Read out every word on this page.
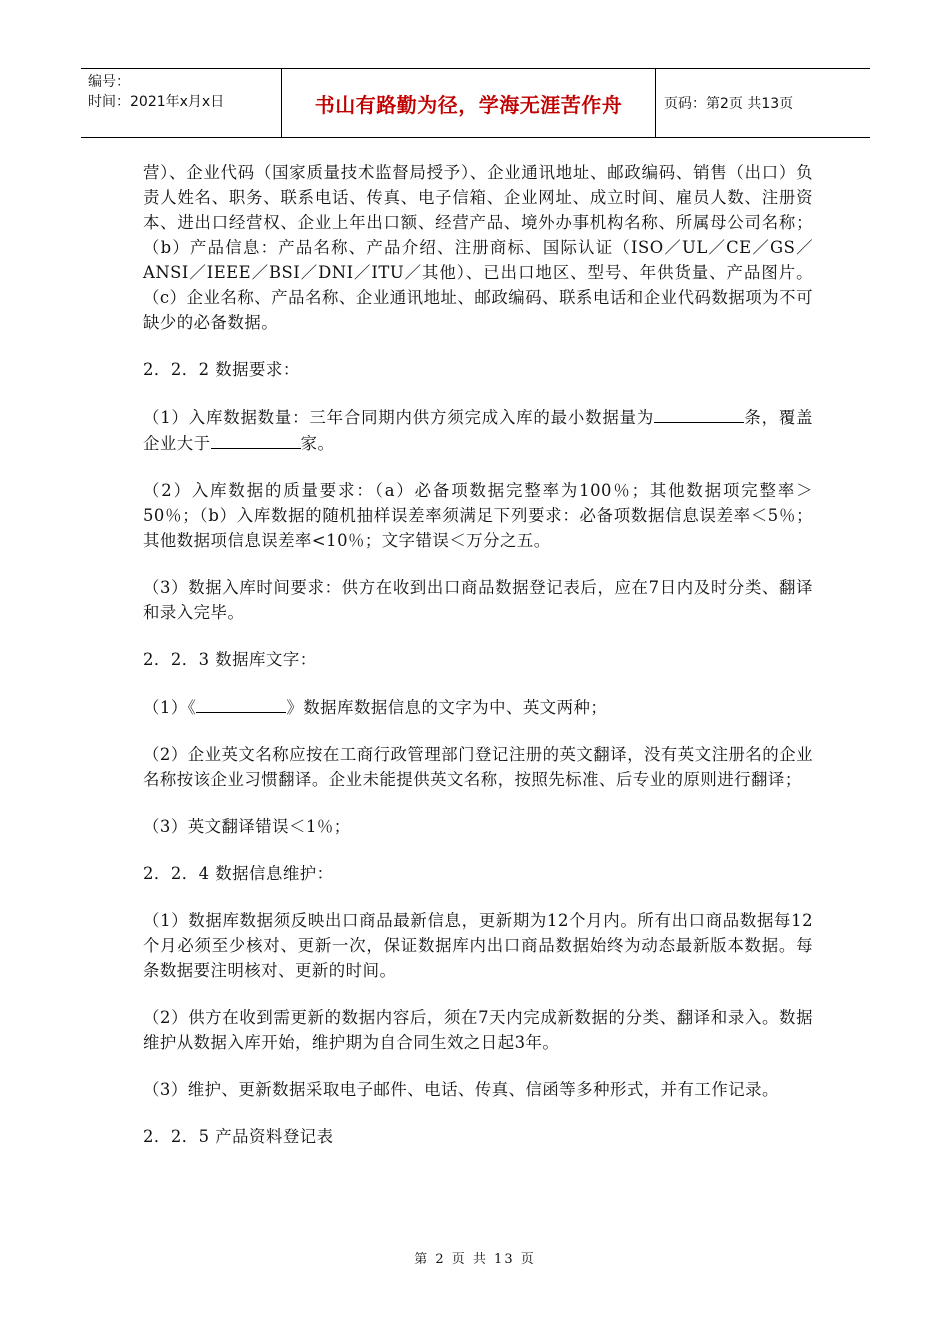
编号：
时间：2021年x月x日	书山有路勤为径，学海无涯苦作舟	页码：第2页 共13页

营）、企业代码（国家质量技术监督局授予）、企业通讯地址、邮政编码、销售（出口）负责人姓名、职务、联系电话、传真、电子信箱、企业网址、成立时间、雇员人数、注册资本、进出口经营权、企业上年出口额、经营产品、境外办事机构名称、所属母公司名称；（b）产品信息：产品名称、产品介绍、注册商标、国际认证（ISO／UL／CE／GS／ANSI／IEEE／BSI／DNI／ITU／其他）、已出口地区、型号、年供货量、产品图片。（c）企业名称、产品名称、企业通讯地址、邮政编码、联系电话和企业代码数据项为不可缺少的必备数据。

2．2．2 数据要求：

（1）入库数据数量：三年合同期内供方须完成入库的最小数据量为	条，覆盖企业大于	家。

（2）入库数据的质量要求：（a）必备项数据完整率为100％；其他数据项完整率＞50％；（b）入库数据的随机抽样误差率须满足下列要求：必备项数据信息误差率＜5％；其他数据项信息误差率<10％；文字错误＜万分之五。

（3）数据入库时间要求：供方在收到出口商品数据登记表后，应在7日内及时分类、翻译和录入完毕。

2．2．3 数据库文字：

（1）《	》数据库数据信息的文字为中、英文两种；

（2）企业英文名称应按在工商行政管理部门登记注册的英文翻译，没有英文注册名的企业名称按该企业习惯翻译。企业未能提供英文名称，按照先标准、后专业的原则进行翻译；

（3）英文翻译错误＜1％；

2．2．4 数据信息维护：

（1）数据库数据须反映出口商品最新信息，更新期为12个月内。所有出口商品数据每12个月必须至少核对、更新一次，保证数据库内出口商品数据始终为动态最新版本数据。每条数据要注明核对、更新的时间。

（2）供方在收到需更新的数据内容后，须在7天内完成新数据的分类、翻译和录入。数据维护从数据入库开始，维护期为自合同生效之日起3年。

（3）维护、更新数据采取电子邮件、电话、传真、信函等多种形式，并有工作记录。

2．2．5 产品资料登记表

第 2 页 共 13 页
